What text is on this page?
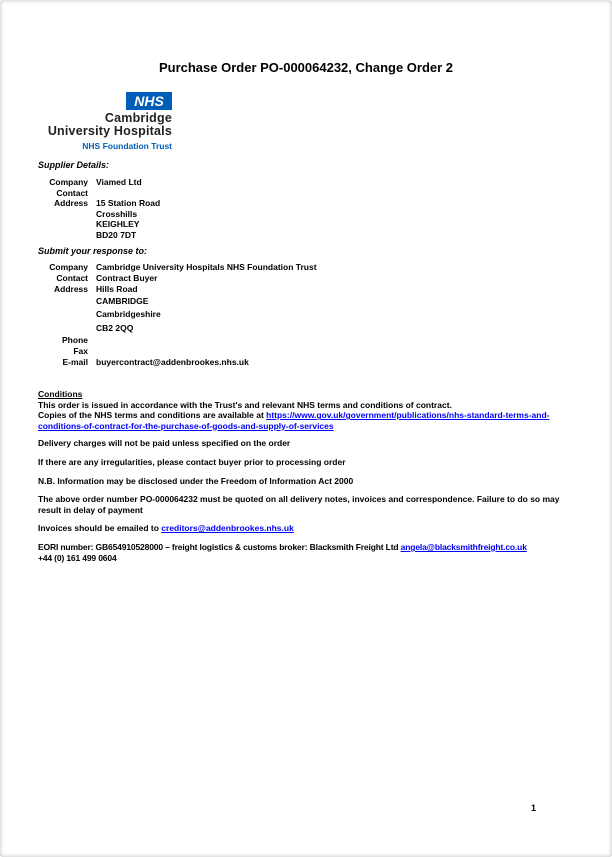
Purchase Order PO-000064232, Change Order 2
NHS
Cambridge
University Hospitals
NHS Foundation Trust
Supplier Details:
Company Viamed Ltd
Contact
Address 15 Station Road
Crosshills
KEIGHLEY
BD20 7DT
Submit your response to:
Company Cambridge University Hospitals NHS Foundation Trust
Contact Contract Buyer
Address Hills Road
CAMBRIDGE
Cambridgeshire
CB2 2QQ
Phone
Fax
E-mail buyercontract@addenbrookes.nhs.uk

Conditions

This order is issued in accordance with the Trust's and relevant NHS terms and conditions of contract.

Copies of the NHS terms and conditions are available at https://www.gov.uk/government/publications/nhs-standard-terms-and-conditions-of-contract-for-the-purchase-of-goods-and-supply-of-services

Delivery charges will not be paid unless specified on the order

If there are any irregularities, please contact buyer prior to processing order

N.B. Information may be disclosed under the Freedom of Information Act 2000

The above order number PO-000064232 must be quoted on all delivery notes, invoices and correspondence. Failure to do so may result in delay of payment

Invoices should be emailed to creditors@addenbrookes.nhs.uk

EORI number: GB654910528000 – freight logistics & customs broker: Blacksmith Freight Ltd angela@blacksmithfreight.co.uk
+44 (0) 161 499 0604

1
